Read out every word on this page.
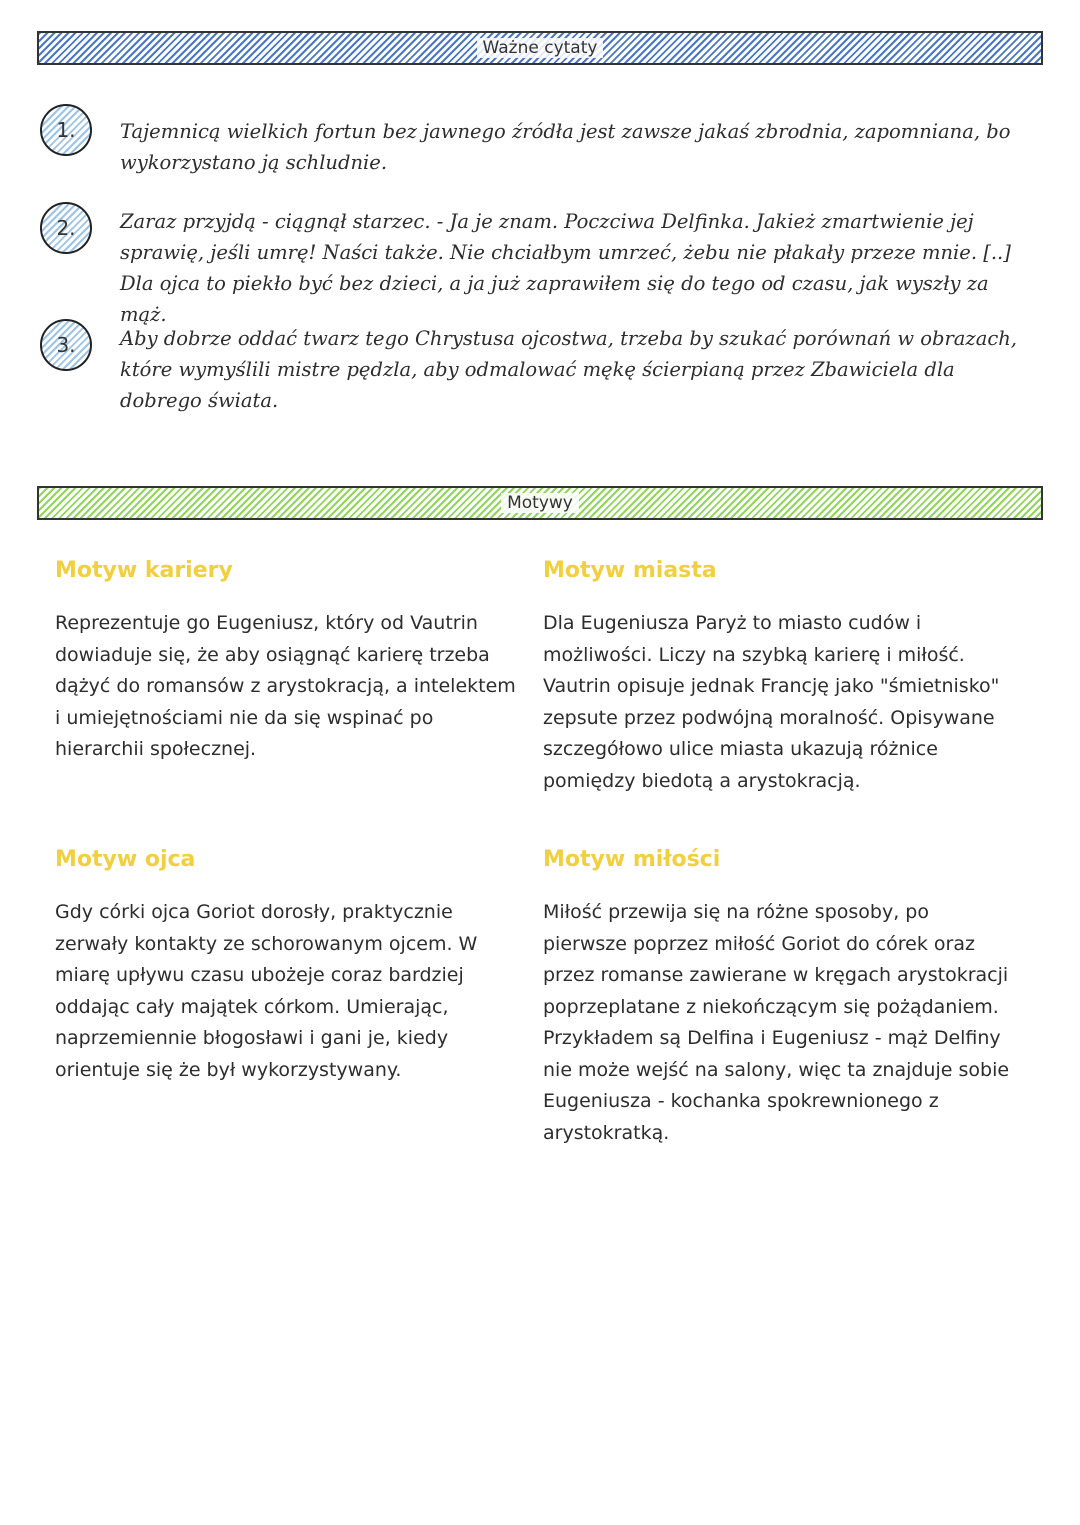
Ważne cytaty
1.	Tajemnicą wielkich fortun bez jawnego źródła jest zawsze jakaś zbrodnia, zapomniana, bo wykorzystano ją schludnie.

2.	Zaraz przyjdą - ciągnął starzec. - Ja je znam. Poczciwa Delfinka. Jakież zmartwienie jej sprawię, jeśli umrę! Naści także. Nie chciałbym umrzeć, żebu nie płakały przeze mnie. [..] Dla ojca to piekło być bez dzieci, a ja już zaprawiłem się do tego od czasu, jak wyszły za mąż.

3.	Aby dobrze oddać twarz tego Chrystusa ojcostwa, trzeba by szukać porównań w obrazach, które wymyślili mistre pędzla, aby odmalować mękę ścierpianą przez Zbawiciela dla dobrego świata.

Motywy
Motyw kariery

Reprezentuje go Eugeniusz, który od Vautrin dowiaduje się, że aby osiągnąć karierę trzeba dążyć do romansów z arystokracją, a intelektem i umiejętnościami nie da się wspinać po hierarchii społecznej.

Motyw miasta

Dla Eugeniusza Paryż to miasto cudów i możliwości. Liczy na szybką karierę i miłość. Vautrin opisuje jednak Francję jako "śmietnisko" zepsute przez podwójną moralność. Opisywane szczegółowo ulice miasta ukazują różnice pomiędzy biedotą a arystokracją.

Motyw ojca

Gdy córki ojca Goriot dorosły, praktycznie zerwały kontakty ze schorowanym ojcem. W miarę upływu czasu ubożeje coraz bardziej oddając cały majątek córkom. Umierając, naprzemiennie błogosławi i gani je, kiedy orientuje się że był wykorzystywany.

Motyw miłości

Miłość przewija się na różne sposoby, po pierwsze poprzez miłość Goriot do córek oraz przez romanse zawierane w kręgach arystokracji poprzeplatane z niekończącym się pożądaniem. Przykładem są Delfina i Eugeniusz - mąż Delfiny nie może wejść na salony, więc ta znajduje sobie Eugeniusza - kochanka spokrewnionego z arystokratką.
